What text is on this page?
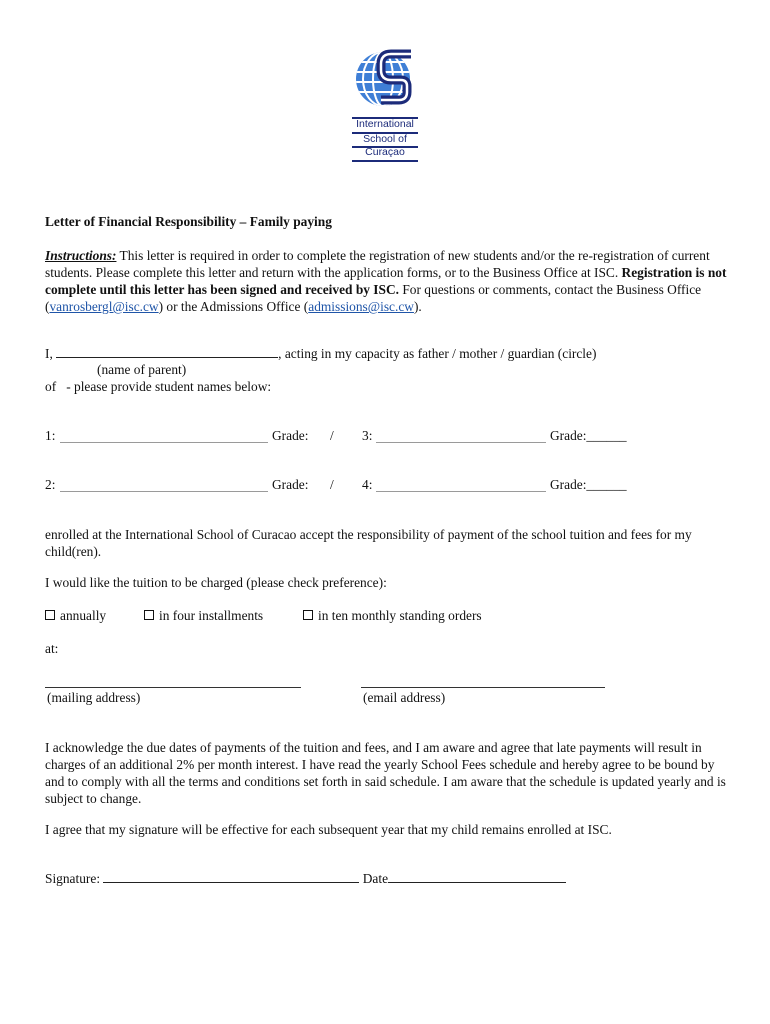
International
School of
Curaçao
Letter of Financial Responsibility – Family paying
Instructions: This letter is required in order to complete the registration of new students and/or the re-registration of current students. Please complete this letter and return with the application forms, or to the Business Office at ISC. Registration is not complete until this letter has been signed and received by ISC. For questions or comments, contact the Business Office (vanrosbergl@isc.cw) or the Admissions Office (admissions@isc.cw).
I,	, acting in my capacity as father / mother / guardian (circle)
(name of parent)
of   - please provide student names below:
1:	Grade: / 3:	Grade:______
2:	Grade: / 4:	Grade:______
enrolled at the International School of Curacao accept the responsibility of payment of the school tuition and fees for my child(ren).
I would like the tuition to be charged (please check preference):
annually	in four installments	in ten monthly standing orders
at:
(mailing address)	(email address)
I acknowledge the due dates of payments of the tuition and fees, and I am aware and agree that late payments will result in charges of an additional 2% per month interest. I have read the yearly School Fees schedule and hereby agree to be bound by and to comply with all the terms and conditions set forth in said schedule. I am aware that the schedule is updated yearly and is subject to change.
I agree that my signature will be effective for each subsequent year that my child remains enrolled at ISC.
Signature:	Date
